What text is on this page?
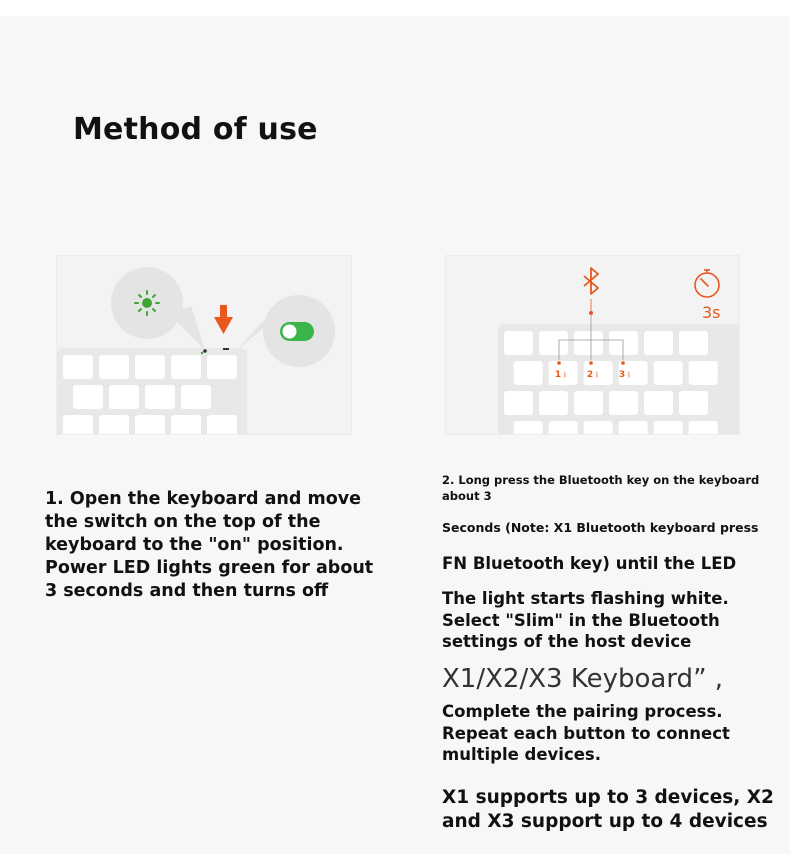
Method of use
1	2	3
ᛒ	ᛒ	ᛒ
3s
1. Open the keyboard and move the switch on the top of the keyboard to the "on" position. Power LED lights green for about 3 seconds and then turns off
2. Long press the Bluetooth key on the keyboard about 3
Seconds (Note: X1 Bluetooth keyboard press
FN Bluetooth key) until the LED
The light starts flashing white. Select "Slim" in the Bluetooth settings of the host device
X1/X2/X3 Keyboard” ,
Complete the pairing process. Repeat each button to connect multiple devices.
X1 supports up to 3 devices, X2 and X3 support up to 4 devices
